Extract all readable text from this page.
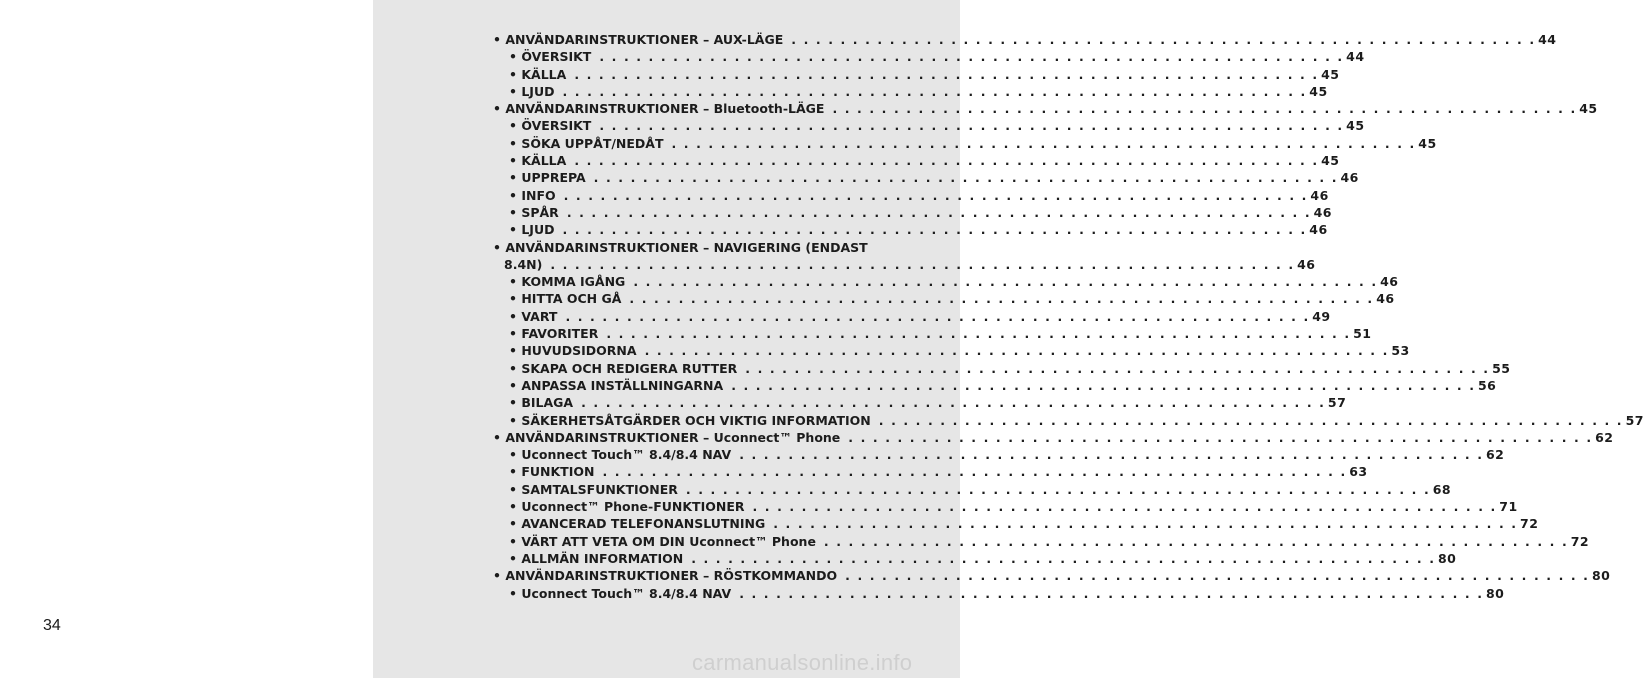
34
• ANVÄNDARINSTRUKTIONER – AUX-LÄGE . . .	44
• ÖVERSIKT . . .	44
• KÄLLA . . .	45
• LJUD . . .	45
• ANVÄNDARINSTRUKTIONER – Bluetooth-LÄGE . . .	45
• ÖVERSIKT . . .	45
• SÖKA UPPÅT/NEDÅT . . .	45
• KÄLLA . . .	45
• UPPREPA . . .	46
• INFO . . .	46
• SPÅR . . .	46
• LJUD . . .	46
• ANVÄNDARINSTRUKTIONER – NAVIGERING (ENDAST
8.4N) . . .	46
• KOMMA IGÅNG . . .	46
• HITTA OCH GÅ . . .	46
• VART . . .	49
• FAVORITER . . .	51
• HUVUDSIDORNA . . .	53
• SKAPA OCH REDIGERA RUTTER . . .	55
• ANPASSA INSTÄLLNINGARNA . . .	56
• BILAGA . . .	57
• SÄKERHETSÅTGÄRDER OCH VIKTIG INFORMATION . . .	57
• ANVÄNDARINSTRUKTIONER – Uconnect™ Phone . . .	62
• Uconnect Touch™ 8.4/8.4 NAV . . .	62
• FUNKTION . . .	63
• SAMTALSFUNKTIONER . . .	68
• Uconnect™ Phone-FUNKTIONER . . .	71
• AVANCERAD TELEFONANSLUTNING . . .	72
• VÄRT ATT VETA OM DIN Uconnect™ Phone . . .	72
• ALLMÄN INFORMATION . . .	80
• ANVÄNDARINSTRUKTIONER – RÖSTKOMMANDO . . .	80
• Uconnect Touch™ 8.4/8.4 NAV . . .	80
carmanualsonline.info
